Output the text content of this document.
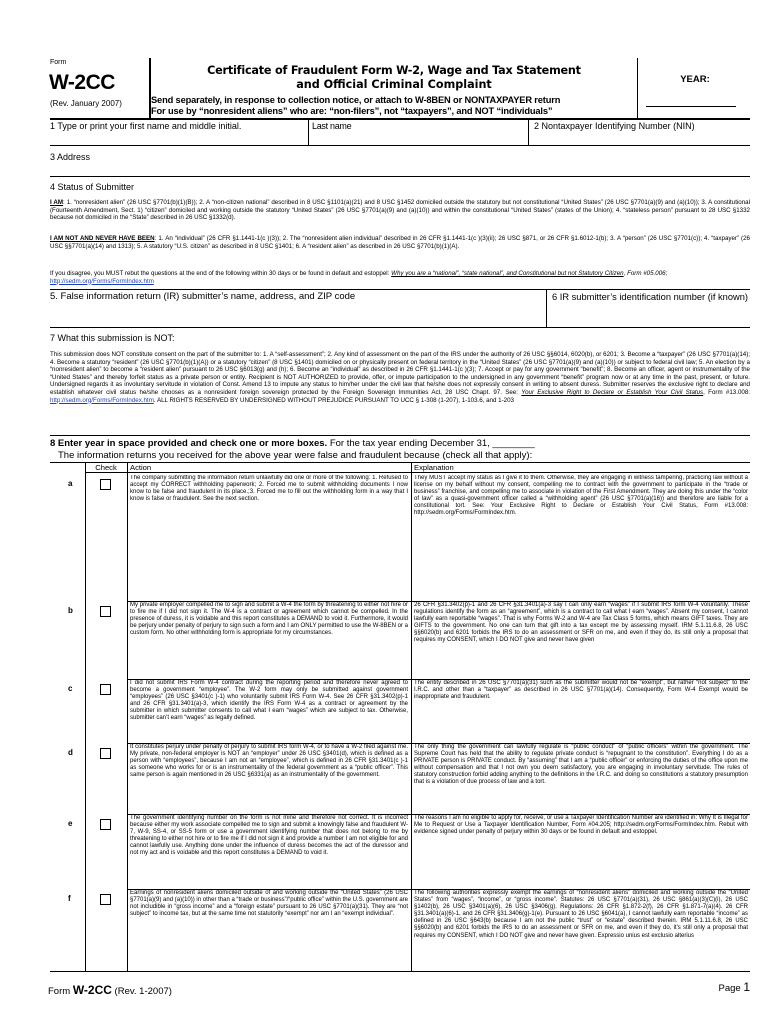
Form
W-2CC
(Rev. January 2007)
Certificate of Fraudulent Form W-2, Wage and Tax Statement
and Official Criminal Complaint
Send separately, in response to collection notice, or attach to W-8BEN or NONTAXPAYER return
For use by “nonresident aliens” who are: “non-filers”, not “taxpayers”, and NOT “individuals”
YEAR:
1 Type or print your first name and middle initial.	Last name	2 Nontaxpayer Identifying Number (NIN)
3 Address
4 Status of Submitter
I AM: 1. “nonresident alien” (26 USC §7701(b)(1)(B)); 2. A “non-citizen national” described in 8 USC §1101(a)(21) and 8 USC §1452 domiciled outside the statutory but not constitutional “United States” (26 USC §7701(a)(9) and (a)(10)); 3. A constitutional (Fourteenth Amendment, Sect. 1) “citizen” domiciled and working outside the statutory “United States” (26 USC §7701(a)(9) and (a)(10)) and within the constitutional “United States” (states of the Union); 4. “stateless person” pursuant to 28 USC §1332 because not domiciled in the “State” described in 26 USC §1332(d).
I AM NOT AND NEVER HAVE BEEN: 1. An “individual” (26 CFR §1.1441-1(c )(3)); 2. The “nonresident alien individual” described in 26 CFR §1.1441-1(c )(3)(ii); 26 USC §871, or 26 CFR §1.6012-1(b); 3. A “person” (26 USC §7701(c)); 4. “taxpayer” (26 USC §§7701(a)(14) and 1313); 5. A statutory “U.S. citizen” as described in 8 USC §1401; 6. A “resident alien” as described in 26 USC §7701(b)(1)(A).
If you disagree, you MUST rebut the questions at the end of the following within 30 days or be found in default and estoppel: Why you are a “national”, “state national”, and Constitutional but not Statutory Citizen, Form #05.006; http://sedm.org/Forms/FormIndex.htm
5. False information return (IR) submitter’s name, address, and ZIP code	6 IR submitter’s identification number (if known)
7 What this submission is NOT:
This submission does NOT constitute consent on the part of the submitter to: 1. A “self-assessment”; 2. Any kind of assessment on the part of the IRS under the authority of 26 USC §§6014, 6020(b), or 6201; 3. Become a “taxpayer” (26 USC §7701(a)(14); 4. Become a statutory “resident” (26 USC §7701(b)(1)(A)) or a statutory “citizen” (8 USC §1401) domiciled on or physically present on federal territory in the “United States” (26 USC §7701(a)(9) and (a)(10)) or subject to federal civil law; 5. An election by a “nonresident alien” to become a “resident alien” pursuant to 26 USC §6013(g) and (h); 6. Become an “individual” as described in 26 CFR §1.1441-1(c )(3); 7. Accept or pay for any government “benefit”; 8. Become an officer, agent or instrumentality of the “United States” and thereby forfeit status as a private person or entity. Recipient is NOT AUTHORIZED to provide, offer, or impute participation to the undersigned in any government “benefit” program now or at any time in the past, present, or future. Undersigned regards it as involuntary servitude in violation of Const. Amend 13 to impute any status to him/her under the civil law that he/she does not expressly consent in writing to absent duress. Submitter reserves the exclusive right to declare and establish whatever civil status he/she chooses as a nonresident foreign sovereign protected by the Foreign Sovereign Immunities Act, 28 USC Chapt. 97. See: Your Exclusive Right to Declare or Establish Your Civil Status, Form #13.008: http://sedm.org/Forms/FormIndex.htm. ALL RIGHTS RESERVED BY UNDERSIGNED WITHOUT PREJUDICE PURSUANT TO UCC § 1-308 (1-207), 1-103.6, and 1-203
8 Enter year in space provided and check one or more boxes. For the tax year ending December 31, ________
The information returns you received for the above year were false and fraudulent because (check all that apply):
Check	Action	Explanation
a
The company submitting the information return unlawfully did one or more of the following: 1. Refused to accept my CORRECT withholding paperwork; 2. Forced me to submit withholding documents I now know to be false and fraudulent in its place.;3. Forced me to fill out the withholding form in a way that I know is false or fraudulent. See the next section.
They MUST accept my status as I give it to them. Otherwise, they are engaging in witness tampering, practicing law without a license on my behalf without my consent, compelling me to contract with the government to participate in the “trade or business” franchise, and compelling me to associate in violation of the First Amendment. They are doing this under the “color of law” as a quasi-government officer called a “withholding agent” (26 USC §7701(a)(16)) and therefore are liable for a constitutional tort. See: Your Exclusive Right to Declare or Establish Your Civil Status, Form #13.008: http://sedm.org/Forms/FormIndex.htm.
b
My private employer compelled me to sign and submit a W-4 the form by threatening to either not hire or to fire me if I did not sign it. The W-4 is a contract or agreement which cannot be compelled. In the presence of duress, it is voidable and this report constitutes a DEMAND to void it. Furthermore, it would be perjury under penalty of perjury to sign such a form and I am ONLY permitted to use the W-8BEN or a custom form. No other withholding form is appropriate for my circumstances.
26 CFR §31.3402(p)-1 and 26 CFR §31.3401(a)-3 say I can only earn “wages” if I submit IRS form W-4 voluntarily. These regulations identify the form as an “agreement”, which is a contract to call what I earn “wages”. Absent my consent, I cannot lawfully earn reportable “wages”. That is why Forms W-2 and W-4 are Tax Class 5 forms, which means GIFT taxes. They are GIFTS to the government. No one can turn that gift into a tax except me by assessing myself. IRM 5.1.11.6.8, 26 USC §§6020(b) and 6201 forbids the IRS to do an assessment or SFR on me, and even if they do, its still only a proposal that requires my CONSENT, which I DO NOT give and never have given
c
I did not submit IRS Form W-4 contract during the reporting period and therefore never agreed to become a government “employee”. The W-2 form may only be submitted against government “employees” (26 USC §3401(c )-1) who voluntarily submit IRS Form W-4. See 26 CFR §31.3402(p)-1 and 26 CFR §31.3401(a)-3, which identify the IRS Form W-4 as a contract or agreement by the submitter in which submitter consents to call what I earn “wages” which are subject to tax. Otherwise, submitter can’t earn “wages” as legally defined.
The entity described in 26 USC §7701(a)(31) such as the submitter would not be “exempt”, but rather “not subject” to the I.R.C. and other than a “taxpayer” as described in 26 USC §7701(a)(14). Consequently, Form W-4 Exempt would be inappropriate and fraudulent.
d
It constitutes perjury under penalty of perjury to submit IRS form W-4, or to have a W-2 filed against me. My private, non-federal employer is NOT an “employer” under 26 USC §3401(d), which is defined as a person with “employees”, because I am not an “employee”, which is defined in 26 CFR §31.3401(c )-1 as someone who works for or is an instrumentality of the federal government as a “public officer”. This same person is again mentioned in 26 USC §6331(a) as an instrumentality of the government.
The only thing the government can lawfully regulate is “public conduct” of “public officers” within the government. The Supreme Court has held that the ability to regulate private conduct is “repugnant to the constitution”. Everything I do as a PRIVATE person is PRIVATE conduct. By “assuming” that I am a “public officer” or enforcing the duties of the office upon me without compensation and that I not own you deem satisfactory, you are engaging in involuntary servitude. The rules of statutory construction forbid adding anything to the definitions in the I.R.C. and doing so constitutions a statutory presumption that is a violation of due process of law and a tort.
e
The government identifying number on the form is not mine and therefore not correct. It is incorrect because either my work associate compelled me to sign and submit a knowingly false and fraudulent W-7, W-9, SS-4, or SS-5 form or use a government identifying number that does not belong to me by threatening to either not hire or to fire me if I did not sign it and provide a number I am not eligible for and cannot lawfully use. Anything done under the influence of duress becomes the act of the duressor and not my act and is voidable and this report constitutes a DEMAND to void it.
The reasons I am no eligible to apply for, receive, or use a Taxpayer Identification Number are identified in: Why It is Illegal for Me to Request or Use a Taxpayer Identification Number, Form #04.205; http://sedm.org/Forms/FormIndex.htm. Rebut with evidence signed under penalty of perjury within 30 days or be found in default and estoppel.
f
Earnings of nonresident aliens domiciled outside of and working outside the “United States” (26 USC §7701(a)(9) and (a)(10)) in other than a “trade or business”/“public office” within the U.S. government are not includible in “gross income” and a “foreign estate” pursuant to 26 USC §7701(a)(31). They are “not subject” to income tax, but at the same time not statutorily “exempt” nor am I an “exempt individual”.
The following authorities expressly exempt the earnings of “nonresident aliens” domiciled and working outside the “United States” from “wages”, “income”, or “gross income”. Statutes: 26 USC §7701(a)(31), 26 USC §861(a)(3)(C)(i), 26 USC §1402(b), 26 USC §3401(a)(6), 26 USC §3406(g). Regulations: 26 CFR §1.872-2(f), 26 CFR §1.871-7(a)(4). 26 CFR §31.3401(a)(6)-1, and 26 CFR §31.3406(g)-1(e). Pursuant to 26 USC §6041(a), I cannot lawfully earn reportable “income” as defined in 26 USC §643(b) because I am not the public “trust” or “estate” described therein. IRM 5.1.11.6.8, 26 USC §§6020(b) and 6201 forbids the IRS to do an assessment or SFR on me, and even if they do, it’s still only a proposal that requires my CONSENT, which I DO NOT give and never have given. Expressio unius est exclusio alterius
Form W-2CC (Rev. 1-2007)	Page 1
